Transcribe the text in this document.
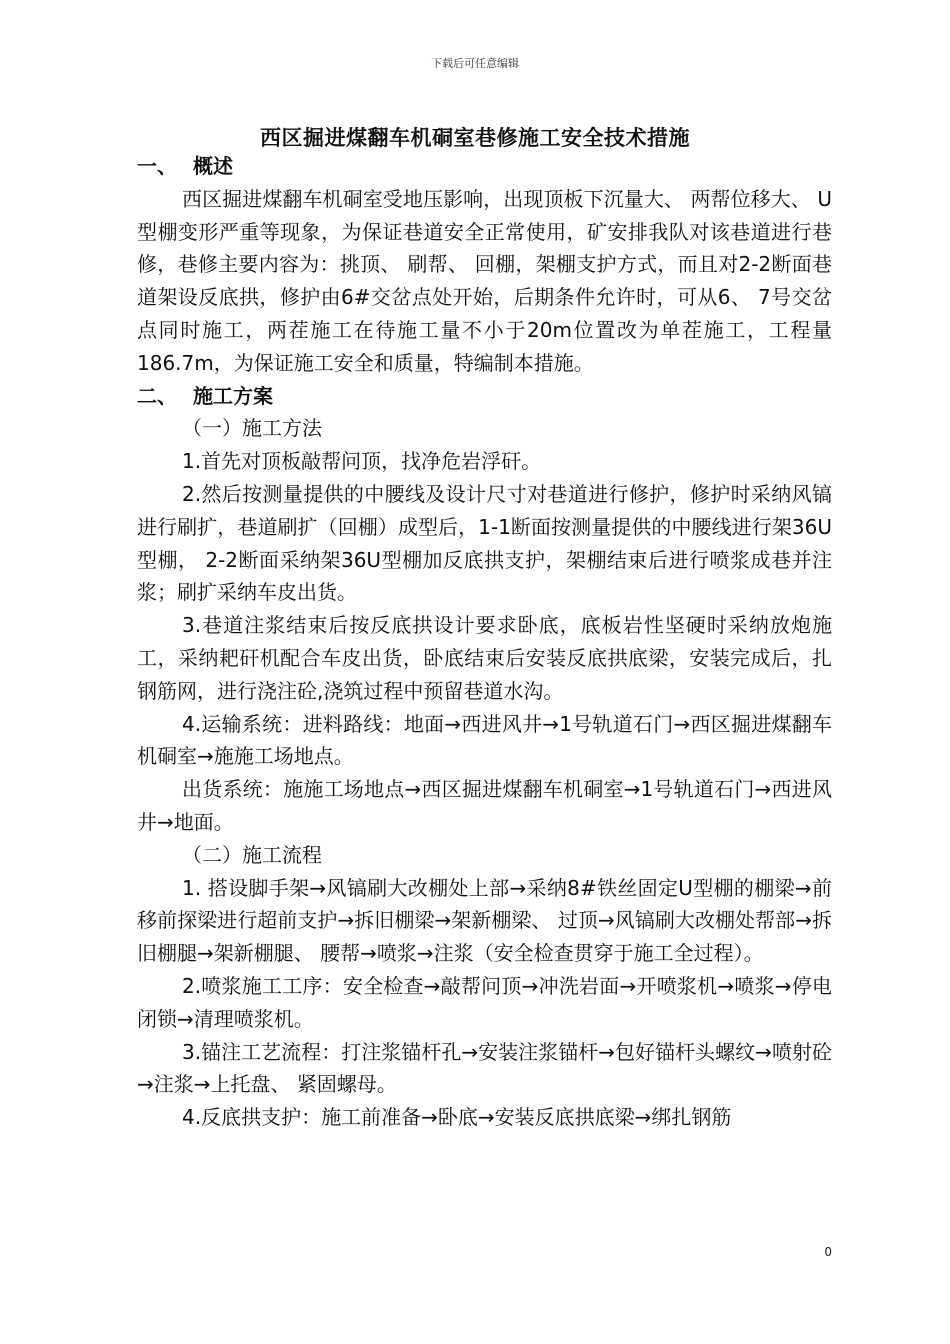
下载后可任意编辑
西区掘进煤翻车机硐室巷修施工安全技术措施

一、 概述

西区掘进煤翻车机硐室受地压影响，出现顶板下沉量大、 两帮位移大、 U型棚变形严重等现象，为保证巷道安全正常使用，矿安排我队对该巷道进行巷修，巷修主要内容为：挑顶、 刷帮、 回棚，架棚支护方式，而且对2-2断面巷道架设反底拱，修护由6#交岔点处开始，后期条件允许时，可从6、 7号交岔点同时施工，两茬施工在待施工量不小于20m位置改为单茬施工，工程量186.7m，为保证施工安全和质量，特编制本措施。

二、 施工方案

（一）施工方法

1.首先对顶板敲帮问顶，找净危岩浮矸。

2.然后按测量提供的中腰线及设计尺寸对巷道进行修护，修护时采纳风镐进行刷扩，巷道刷扩（回棚）成型后，1-1断面按测量提供的中腰线进行架36U型棚， 2-2断面采纳架36U型棚加反底拱支护，架棚结束后进行喷浆成巷并注浆；刷扩采纳车皮出货。

3.巷道注浆结束后按反底拱设计要求卧底，底板岩性坚硬时采纳放炮施工，采纳耙矸机配合车皮出货，卧底结束后安装反底拱底梁，安装完成后，扎钢筋网，进行浇注砼,浇筑过程中预留巷道水沟。

4.运输系统：进料路线：地面→西进风井→1号轨道石门→西区掘进煤翻车机硐室→施施工场地点。

出货系统：施施工场地点→西区掘进煤翻车机硐室→1号轨道石门→西进风井→地面。

（二）施工流程

1. 搭设脚手架→风镐刷大改棚处上部→采纳8#铁丝固定U型棚的棚梁→前移前探梁进行超前支护→拆旧棚梁→架新棚梁、 过顶→风镐刷大改棚处帮部→拆旧棚腿→架新棚腿、 腰帮→喷浆→注浆（安全检查贯穿于施工全过程）。

2.喷浆施工工序：安全检查→敲帮问顶→冲洗岩面→开喷浆机→喷浆→停电闭锁→清理喷浆机。

3.锚注工艺流程：打注浆锚杆孔→安装注浆锚杆→包好锚杆头螺纹→喷射砼→注浆→上托盘、 紧固螺母。

4.反底拱支护：施工前准备→卧底→安装反底拱底梁→绑扎钢筋

0
